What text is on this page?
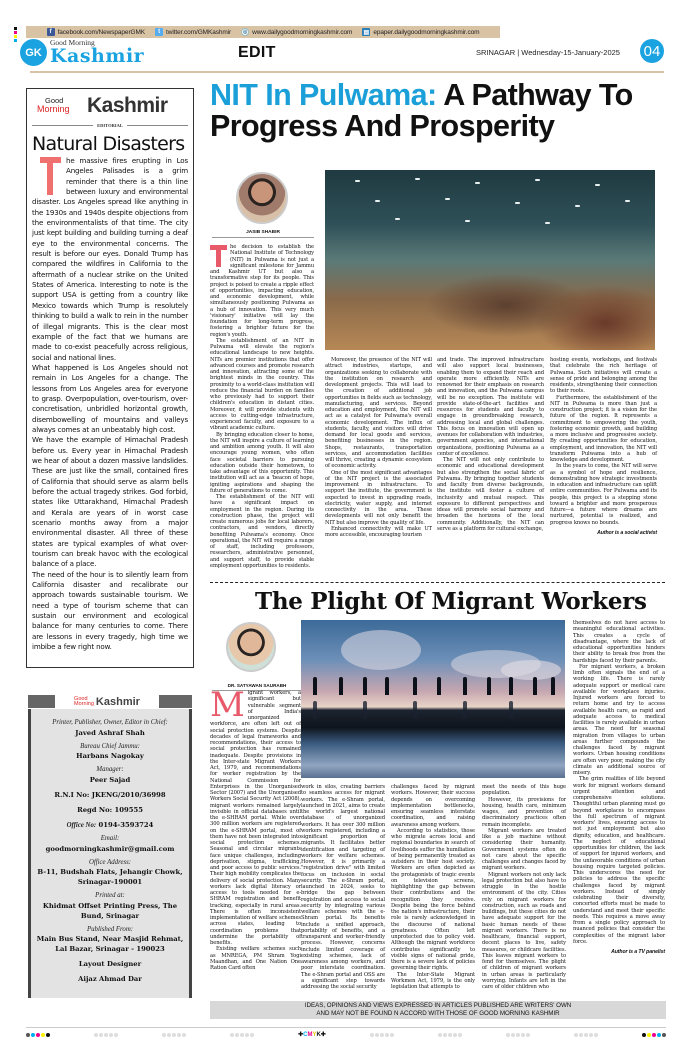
f facebook.com/NewspaperGMK	t twitter.com/GMKashmir	◎ www.dailygoodmorningkashmir.com ▤ epaper.dailygoodmorningkashmir.com
GK
Good Morning
Kashmir	EDIT	SRINAGAR | Wednesday-15-January-2025 04
Good
Morning Kashmir
EDITORIAL
Natural Disasters

he massive fires erupting in Los Angeles Palisades is a grim reminder that there is a thin line between luxury and environmental disaster. Los Angeles spread like anything in the 1930s and 1940s despite objections from the environmentalists of that time. The city just kept building and building turning a deaf eye to the environmental concerns. The result is before our eyes. Donald Trump has compared the wildfires in California to the aftermath of a nuclear strike on the United States of America. Interesting to note is the support USA is getting from a country like Mexico towards which Trump is resolutely thinking to build a walk to rein in the number of illegal migrants. This is the clear most example of the fact that we humans are made to co-exist peacefully across religious, social and national lines.

What happened is Los Angeles should not remain in Los Angeles for a change. The lessons from Los Angeles area for everyone to grasp. Overpopulation, over-tourism, over-concretisation, unbridled horizontal growth, disembowelling of mountains and valleys always comes at an unbeatably high cost.

We have the example of Himachal Pradesh before us. Every year in Himachal Pradesh we hear of about a dozen massive landslides. These are just like the small, contained fires of California that should serve as alarm bells before the actual tragedy strikes. God forbid, states like Uttarakhand, Himachal Pradesh and Kerala are years of in worst case scenario months away from a major environmental disaster. All three of these states are typical examples of what over-tourism can break havoc with the ecological balance of a place.

The need of the hour is to silently learn from California disaster and recalibrate our approach towards sustainable tourism. We need a type of tourism scheme that can sustain our environment and ecological balance for many centuries to come. There are lessons in every tragedy, high time we imbibe a few right now.

Good
Morning Kashmir
Printer, Publisher, Owner, Editor in Chief:
Javed Ashraf Shah
Bureau Chief Jammu:
Harbans Nagokay
Manager:
Peer Sajad
R.N.I No: JKENG/2010/36998
Regd No: 109555
Office No: 0194-3593724
Email:
goodmorningkashmir@gmail.com
Office Address:
B-11, Budshah Flats, Jehangir Chowk, Srinagar-190001
Printed at:
Khidmat Offset Printing Press, The Bund, Srinagar
Published From:
Main Bus Stand, Near Masjid Rehmat, Lal Bazar, Srinagar - 190023
Layout Designer
Aijaz Ahmad Dar
NIT In Pulwama: A Pathway To Progress And Prosperity
JASIB SHABIR

he decision to establish the National Institute of Technology (NIT) in Pulwama is not just a significant milestone for Jammu and Kashmir UT but also a transformative step for its people. This project is poised to create a ripple effect of opportunities, impacting education, and economic development, while simultaneously positioning Pulwama as a hub of innovation. This very much 'visionary' initiative will lay the foundation for long-term progress, fostering a brighter future for the region's youth.

The establishment of an NIT in Pulwama will elevate the region's educational landscape to new heights. NITs are premier institutions that offer advanced courses and promote research and innovation, attracting some of the brightest minds in the country. This proximity to a world-class institution will reduce the financial burden on families who previously had to support their children's education in distant cities. Moreover, it will provide students with access to cutting-edge infrastructure, experienced faculty, and exposure to a vibrant academic culture.

By bringing education closer to home, the NIT will inspire a culture of learning and ambition among youth. It will also encourage young women, who often face societal barriers to pursuing education outside their hometown, to take advantage of this opportunity. This institution will act as a 'beacon of hope, igniting aspirations and shaping the future of generations to come.

The establishment of the NIT will have a significant impact on employment in the region. During its construction phase, the project will create numerous jobs for local laborers, contractors, and vendors, directly benefiting Pulwama's economy. Once operational, the NIT will require a range of staff, including professors, researchers, administrative personnel, and support staff, to provide stable employment opportunities to residents.

Moreover, the presence of the NIT will attract industries, startups, and organizations seeking to collaborate with the institution on research and development projects. This will lead to the creation of additional job opportunities in fields such as technology, manufacturing, and services. Beyond education and employment, the NIT will act as a catalyst for Pulwama's overall economic development. The influx of students, faculty, and visitors will drive demand for local goods and services, benefiting businesses in the region. Shops, restaurants, transportation services, and accommodation facilities will thrive, creating a dynamic ecosystem of economic activity.

One of the most significant advantages of the NIT project is the associated improvement in infrastructure. To support the institute, the government is expected to invest in upgrading roads, electricity, water supply, and internet connectivity in the area. These developments will not only benefit the NIT but also improve the quality of life.

Enhanced connectivity will make UT more accessible, encouraging tourism

and trade. The improved infrastructure will also support local businesses, enabling them to expand their reach and operate more efficiently. NITs are renowned for their emphasis on research and innovation, and the Pulwama campus will be no exception. The institute will provide state-of-the-art facilities and resources for students and faculty to engage in groundbreaking research, addressing local and global challenges. This focus on innovation will open up avenues for collaboration with industries, government agencies, and international organizations, positioning Pulwama as a center of excellence.

The NIT will not only contribute to economic and educational development but also strengthen the social fabric of Pulwama. By bringing together students and faculty from diverse backgrounds, the institute will foster a culture of inclusivity and mutual respect. This exposure to different perspectives and ideas will promote social harmony and broaden the horizons of the local community. Additionally, the NIT can serve as a platform for cultural exchange,

hosting events, workshops, and festivals that celebrate the rich heritage of Pulwama. Such initiatives will create a sense of pride and belonging among the residents, strengthening their connection to their roots.

Furthermore, the establishment of the NIT in Pulwama is more than just a construction project; it is a vision for the future of the region. It represents a commitment to empowering the youth, fostering economic growth, and building a more inclusive and progressive society. By creating opportunities for education, employment, and innovation, the NIT will transform Pulwama into a hub of knowledge and development.

In the years to come, the NIT will serve as a symbol of hope and resilience, demonstrating how strategic investments in education and infrastructure can uplift entire communities. For Pulwama and its people, this project is a stepping stone toward a brighter and more prosperous future—a future where dreams are nurtured, potential is realized, and progress knows no bounds.

Author is a social activist
The Plight Of Migrant Workers
DR. SATYAWAN SAURABH
M igrant workers, a significant but vulnerable segment of India's unorganized workforce, are often left out of social protection systems. Despite decades of legal frameworks and recommendations, their access to social protection has remained inadequate. Despite provisions in the Inter-state Migrant Workers Act, 1979, and recommendations for worker registration by the National Commission for Enterprises in the Unorganised Sector (2007) and the Unorganised Workers Social Security Act (2008), migrant workers remained largely invisible in official databases until the e-SHRAM portal. While over 300 million workers are registered on the e-SHRAM portal, most of them have not been integrated into social protection schemes. Seasonal and circular migrants face unique challenges, including deprivation, stigma, trafficking, and poor access to public services. Their high mobility complicates the delivery of social protection. Many workers lack digital literacy or access to tools needed for e-SHRAM registration and benefit tracking, especially in rural areas. There is often inconsistent implementation of welfare schemes across states, leading to coordination problems that undermine the portability of benefits.

Existing welfare schemes such as MNREGA, PM Shram Yogi Maandhan, and One Nation One Ration Card often

work in silos, creating barriers to seamless access for migrant workers. The e-Shram portal, launched in 2021, aims to create the world's largest national database of unorganized workers. It has over 300 million workers registered, including a significant proportion of migrants. It facilitates better identification and targeting of workers for welfare schemes. However, it is primarily a "registration drive" with limited focus on inclusion in social security. The e-Shram portal, launched in 2024, seeks to bridge the gap between registration and access to social security by integrating various welfare schemes with the e-Shram portal. Its benefits include a unified approach, portability of benefits, and a transparent and worker-friendly process. However, concerns include limited coverage of existing schemes, lack of awareness among workers, and poor interstate coordination. The e-Shram portal and OSS are a significant step towards addressing the social security

challenges faced by migrant workers. However, their success depends on overcoming implementation bottlenecks, ensuring seamless interstate coordination, and raising awareness among workers.

According to statistics, those who migrate across local and regional boundaries in search of livelihoods suffer the humiliation of being permanently treated as outsiders in their host society. Workers are often depicted as the protagonists of tragic events on television screens, highlighting the gap between their contributions and the recognition they receive. Despite being the force behind the nation's infrastructure, their role is rarely acknowledged in the discourse of national greatness. Often left unprotected due to policy void. Although the migrant workforce contributes significantly to visible signs of national pride, there is a severe lack of policies governing their rights.

The Inter-State Migrant Workmen Act, 1979, is the only legislation that attempts to

meet the needs of this huge population.

However, its provisions for housing, health care, minimum wages, and prevention of discriminatory practices often remain incomplete.

Migrant workers are treated like a job machine without considering their humanity. Government systems often do not care about the specific challenges and changes faced by migrant workers.

Migrant workers not only lack legal protection but also have to struggle in the hostile environment of the city. Cities rely on migrant workers for construction, such as roads and buildings, but these cities do not have adequate support for the basic human needs of these migrant workers. There is no healthcare, financial support, decent places to live, safety measures, or childcare facilities. This leaves migrant workers to fend for themselves. The plight of children of migrant workers in urban areas is particularly worrying. Infants are left in the care of older children who

themselves do not have access to meaningful educational activities. This creates a cycle of disadvantage, where the lack of educational opportunities hinders their ability to break free from the hardships faced by their parents.

For migrant workers, a broken limb often signals the end of a working life. There is rarely adequate support or medical care available for workplace injuries. Injured workers are forced to return home and try to access available health care, as rapid and adequate access to medical facilities is rarely available in urban areas. The need for seasonal migration from villages to urban areas further compounds the challenges faced by migrant workers. Urban housing conditions are often very poor, making the city climate an additional source of misery.

The grim realities of life beyond work for migrant workers demand urgent attention and comprehensive solutions. Thoughtful urban planning must go beyond workplaces to encompass the full spectrum of migrant workers' lives, ensuring access to not just employment but also dignity, education, and healthcare. The neglect of educational opportunities for children, the lack of support for injured workers, and the unfavorable conditions of urban housing require targeted policies. This underscores the need for policies to address the specific challenges faced by migrant workers. Instead of simply celebrating their diversity, concerted efforts must be made to understand and meet their specific needs. This requires a move away from a single policy approach to nuanced policies that consider the complexities of the migrant labor force.

Author is a TV panelist
IDEAS, OPINIONS AND VIEWS EXPRESSED IN ARTICLES PUBLISHED ARE WRITERS' OWN
AND MAY NOT BE FOUND N ACCORD WITH THOSE OF GOOD MORNING KASHMIR
✚CMYK✚
